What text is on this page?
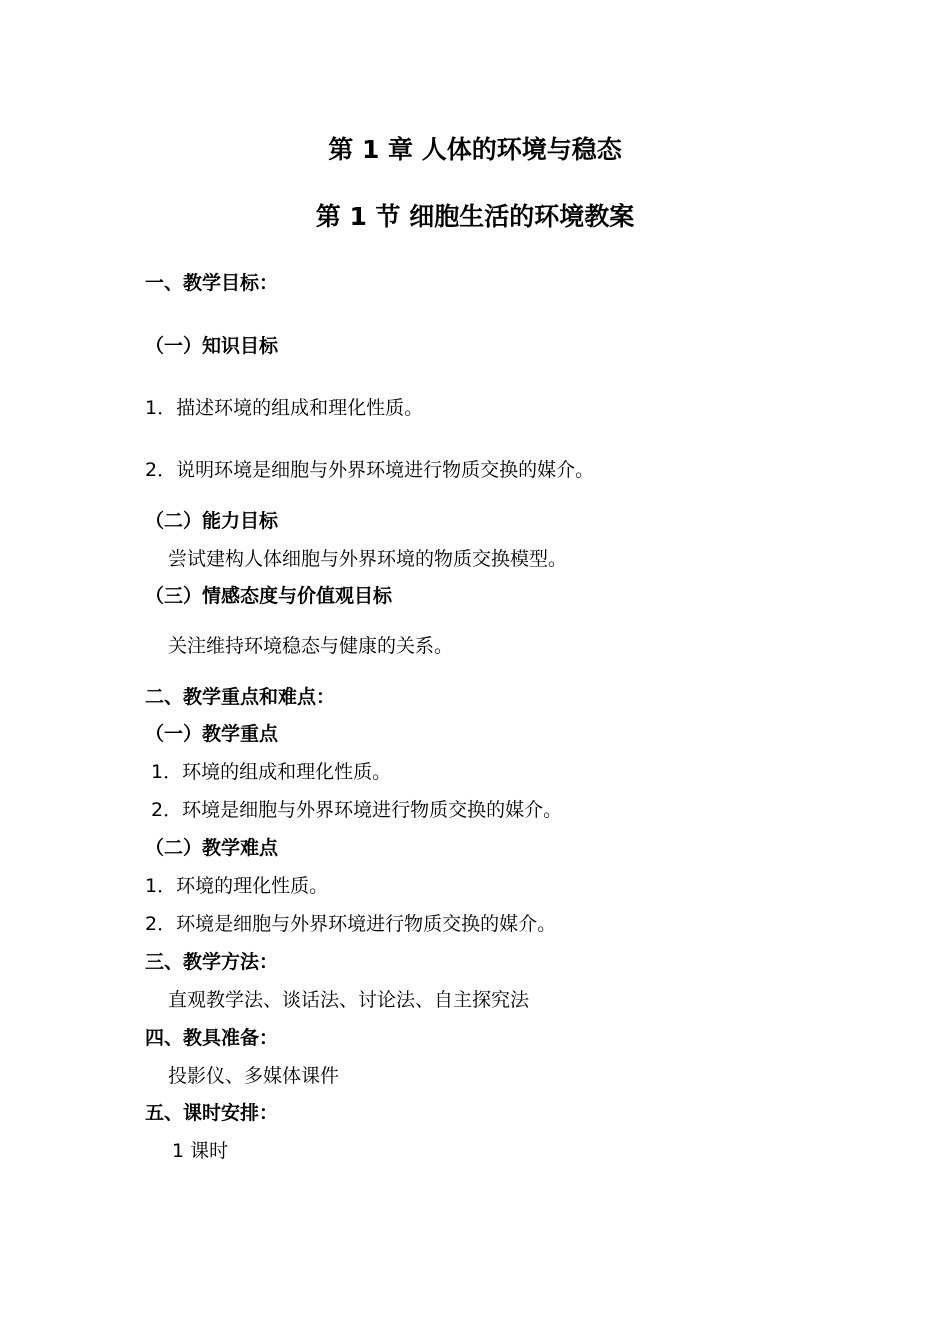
第 1 章 人体的环境与稳态
第 1 节 细胞生活的环境教案
一、教学目标：
（一）知识目标
1．描述环境的组成和理化性质。
2．说明环境是细胞与外界环境进行物质交换的媒介。
（二）能力目标
尝试建构人体细胞与外界环境的物质交换模型。
（三）情感态度与价值观目标
关注维持环境稳态与健康的关系。
二、教学重点和难点：
（一）教学重点
1．环境的组成和理化性质。
2．环境是细胞与外界环境进行物质交换的媒介。
（二）教学难点
1．环境的理化性质。
2．环境是细胞与外界环境进行物质交换的媒介。
三、教学方法：
直观教学法、谈话法、讨论法、自主探究法
四、教具准备：
投影仪、多媒体课件
五、课时安排：
1 课时
